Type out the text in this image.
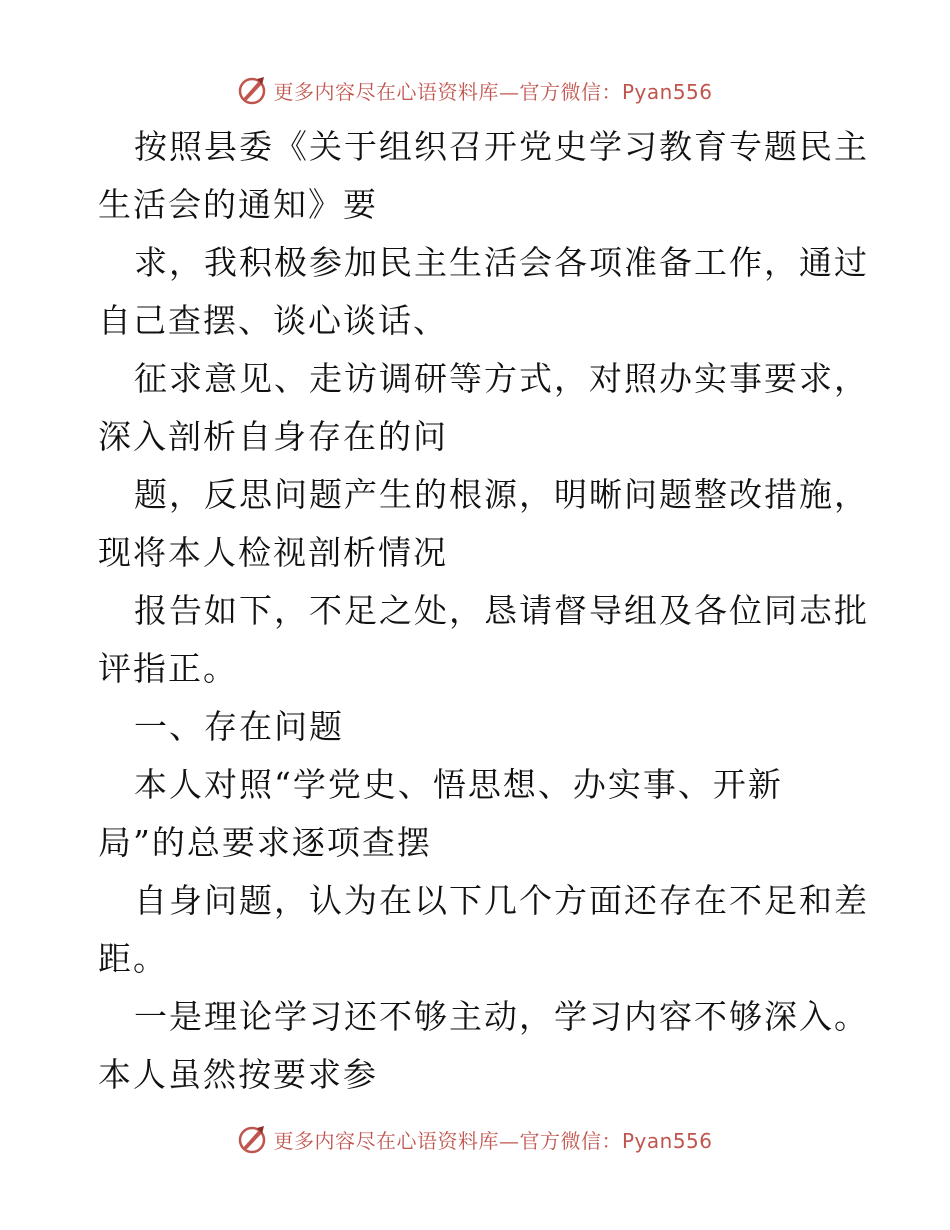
更多内容尽在心语资料库—官方微信：Pyan556
按照县委《关于组织召开党史学习教育专题民主
生活会的通知》要
求，我积极参加民主生活会各项准备工作，通过
自己查摆、谈心谈话、
征求意见、走访调研等方式，对照办实事要求，
深入剖析自身存在的问
题，反思问题产生的根源，明晰问题整改措施，
现将本人检视剖析情况
报告如下，不足之处，恳请督导组及各位同志批
评指正。
一、存在问题
本人对照“学党史、悟思想、办实事、开新
局”的总要求逐项查摆
自身问题，认为在以下几个方面还存在不足和差
距。
一是理论学习还不够主动，学习内容不够深入。
本人虽然按要求参
更多内容尽在心语资料库—官方微信：Pyan556
